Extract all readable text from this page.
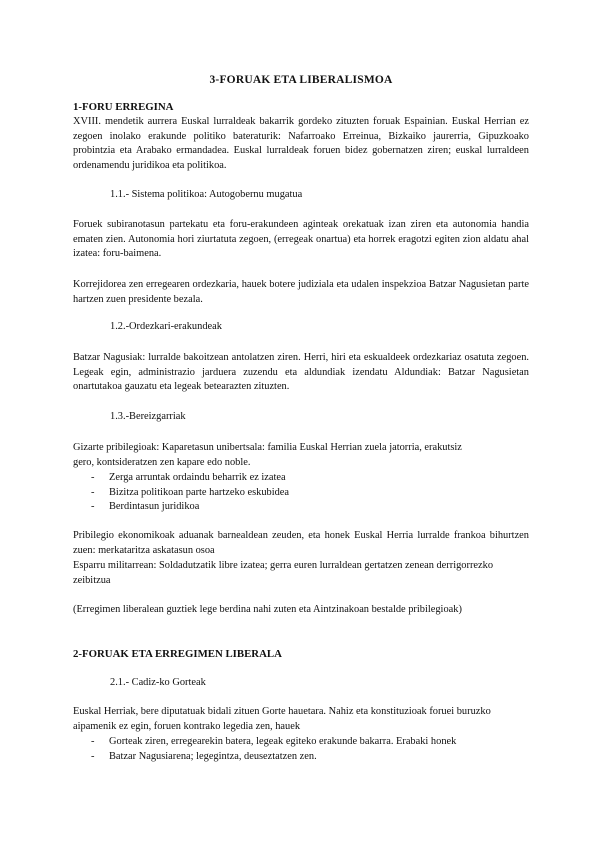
3-FORUAK ETA LIBERALISMOA
1-FORU ERREGINA
XVIII. mendetik aurrera Euskal lurraldeak bakarrik gordeko zituzten foruak Espainian. Euskal Herrian ez zegoen inolako erakunde politiko bateraturik: Nafarroako Erreinua, Bizkaiko jaurerria, Gipuzkoako probintzia eta Arabako ermandadea. Euskal lurraldeak foruen bidez gobernatzen ziren; euskal lurraldeen ordenamendu juridikoa eta politikoa.
1.1.- Sistema politikoa: Autogobernu mugatua
Foruek subiranotasun partekatu eta foru-erakundeen aginteak orekatuak izan ziren eta autonomia handia ematen zien. Autonomia hori ziurtatuta zegoen, (erregeak onartua) eta horrek eragotzi egiten zion aldatu ahal izatea: foru-baimena.
Korrejidorea zen erregearen ordezkaria, hauek botere judiziala eta udalen inspekzioa Batzar Nagusietan parte hartzen zuen presidente bezala.
1.2.-Ordezkari-erakundeak
Batzar Nagusiak: lurralde bakoitzean antolatzen ziren. Herri, hiri eta eskualdeek ordezkariaz osatuta zegoen. Legeak egin, administrazio jarduera zuzendu eta aldundiak izendatu Aldundiak: Batzar Nagusietan onartutakoa gauzatu eta legeak betearazten zituzten.
1.3.-Bereizgarriak
Gizarte pribilegioak: Kaparetasun unibertsala: familia Euskal Herrian zuela jatorria, erakutsiz
gero, kontsideratzen zen kapare edo noble.
- Zerga arruntak ordaindu beharrik ez izatea
- Bizitza politikoan parte hartzeko eskubidea
- Berdintasun juridikoa
Pribilegio ekonomikoak aduanak barnealdean zeuden, eta honek Euskal Herria lurralde frankoa bihurtzen zuen: merkataritza askatasun osoa
Esparru militarrean: Soldadutzatik libre izatea; gerra euren lurraldean gertatzen zenean derrigorrezko zeibitzua
(Erregimen liberalean guztiek lege berdina nahi zuten eta Aintzinakoan bestalde pribilegioak)
2-FORUAK ETA ERREGIMEN LIBERALA
2.1.- Cadiz-ko Gorteak
Euskal Herriak, bere diputatuak bidali zituen Gorte hauetara. Nahiz eta konstituzioak foruei buruzko aipamenik ez egin, foruen kontrako legedia zen, hauek
- Gorteak ziren, erregearekin batera, legeak egiteko erakunde bakarra. Erabaki honek
- Batzar Nagusiarena; legegintza, deuseztatzen zen.
